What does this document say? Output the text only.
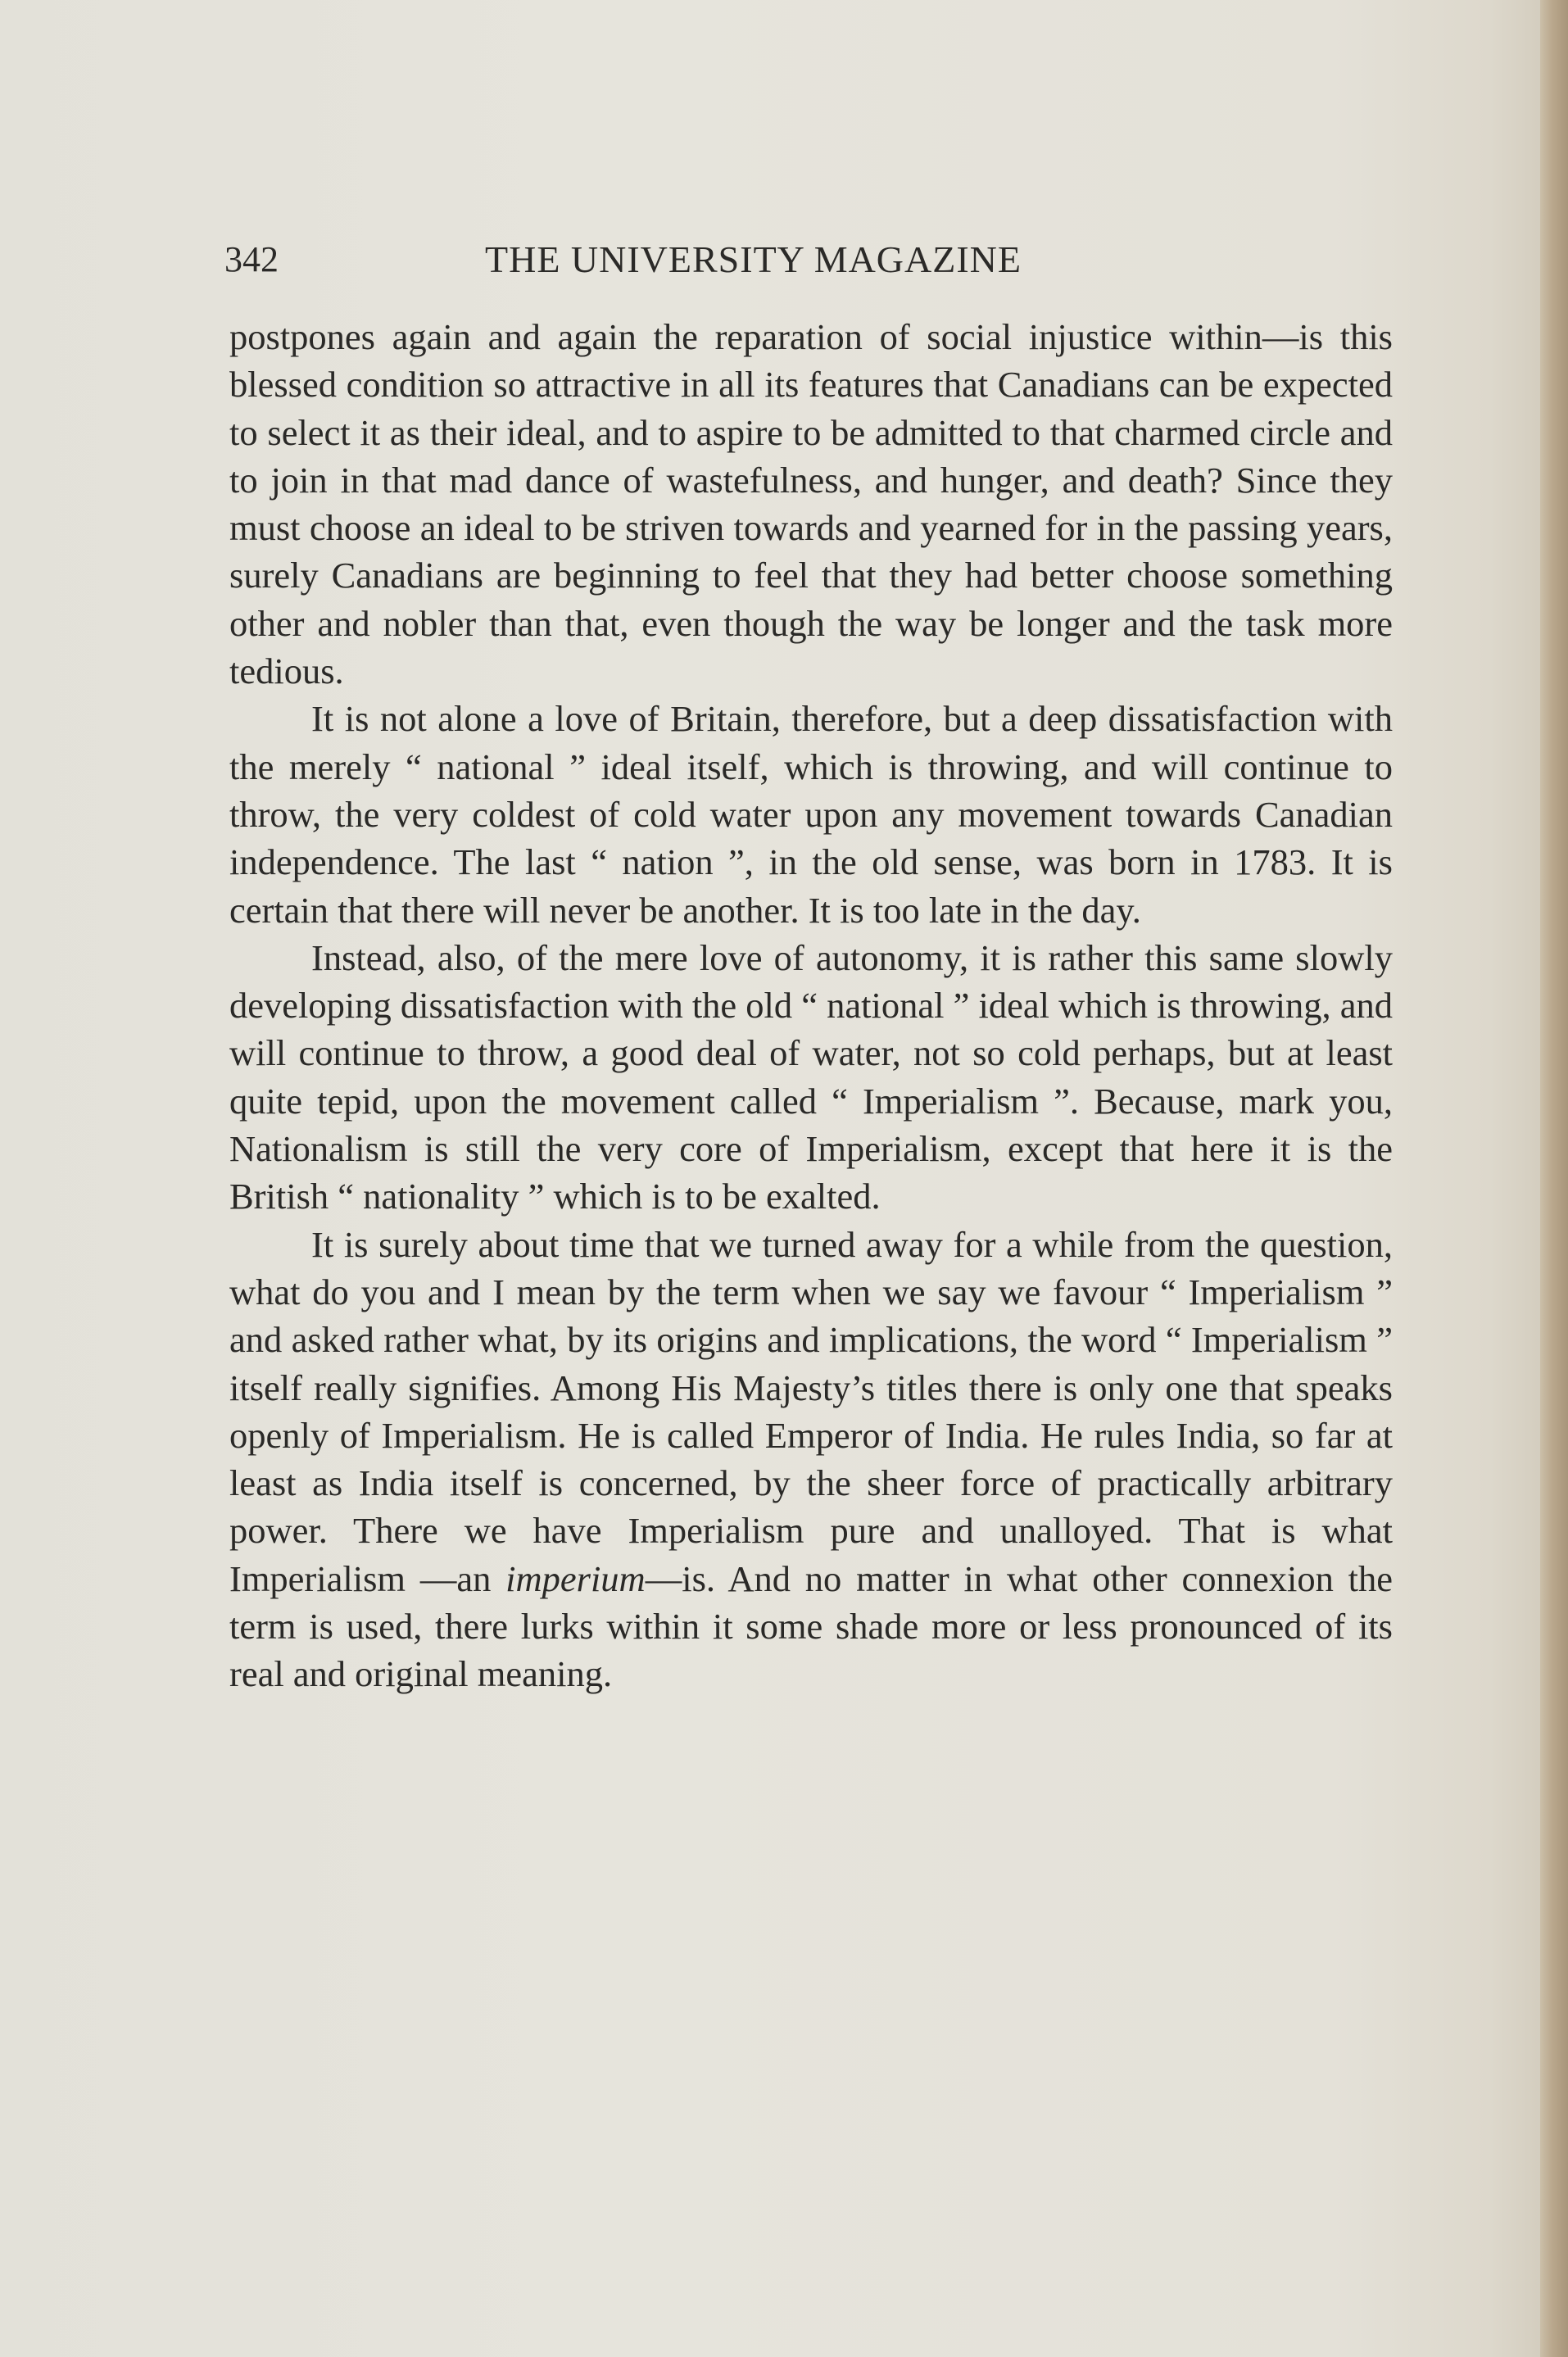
342	THE UNIVERSITY MAGAZINE

postpones again and again the reparation of social injustice within—is this blessed condition so attractive in all its features that Canadians can be expected to select it as their ideal, and to aspire to be admitted to that charmed circle and to join in that mad dance of wastefulness, and hunger, and death? Since they must choose an ideal to be striven towards and yearned for in the passing years, surely Canadians are beginning to feel that they had better choose something other and nobler than that, even though the way be longer and the task more tedious.

It is not alone a love of Britain, therefore, but a deep dissatisfaction with the merely “ national ” ideal itself, which is throwing, and will continue to throw, the very coldest of cold water upon any movement towards Canadian independence. The last “ nation ”, in the old sense, was born in 1783. It is certain that there will never be another. It is too late in the day.

Instead, also, of the mere love of autonomy, it is rather this same slowly developing dissatisfaction with the old “ national ” ideal which is throwing, and will continue to throw, a good deal of water, not so cold perhaps, but at least quite tepid, upon the movement called “ Imperialism ”. Because, mark you, Nationalism is still the very core of Imperialism, except that here it is the British “ nationality ” which is to be exalted.

It is surely about time that we turned away for a while from the question, what do you and I mean by the term when we say we favour “ Imperialism ” and asked rather what, by its origins and implications, the word “ Imperialism ” itself really signifies. Among His Majesty’s titles there is only one that speaks openly of Imperialism. He is called Emperor of India. He rules India, so far at least as India itself is concerned, by the sheer force of practically arbitrary power. There we have Imperialism pure and unalloyed. That is what Imperialism —an imperium—is. And no matter in what other connexion the term is used, there lurks within it some shade more or less pronounced of its real and original meaning.
